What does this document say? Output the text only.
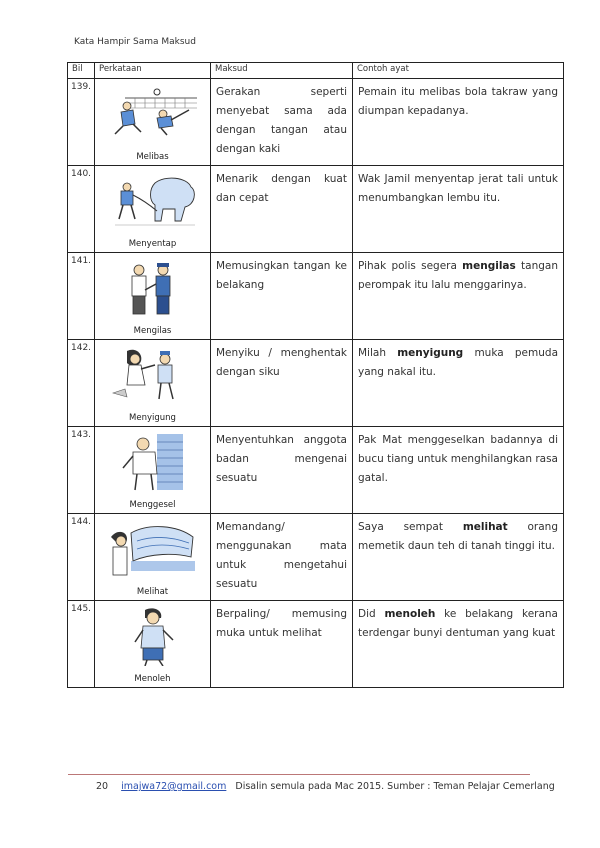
Kata Hampir Sama Maksud
Bil	Perkataan	Maksud	Contoh ayat
139.	Melibas	Gerakan seperti menyebat sama ada dengan tangan atau dengan kaki	Pemain itu melibas bola takraw yang diumpan kepadanya.
140.	Menyentap	Menarik dengan kuat dan cepat	Wak Jamil menyentap jerat tali untuk menumbangkan lembu itu.
141.	Mengilas	Memusingkan tangan ke belakang	Pihak polis segera mengilas tangan perompak itu lalu menggarinya.
142.	Menyigung	Menyiku / menghentak dengan siku	Milah menyigung muka pemuda yang nakal itu.
143.	Menggesel	Menyentuhkan anggota badan mengenai sesuatu	Pak Mat menggeselkan badannya di bucu tiang untuk menghilangkan rasa gatal.
144.	Melihat	Memandang/ menggunakan mata untuk mengetahui sesuatu	Saya sempat melihat orang memetik daun teh di tanah tinggi itu.
145.	Menoleh	Berpaling/ memusing muka untuk melihat	Did menoleh ke belakang kerana terdengar bunyi dentuman yang kuat
20 imajwa72@gmail.com Disalin semula pada Mac 2015. Sumber : Teman Pelajar Cemerlang
